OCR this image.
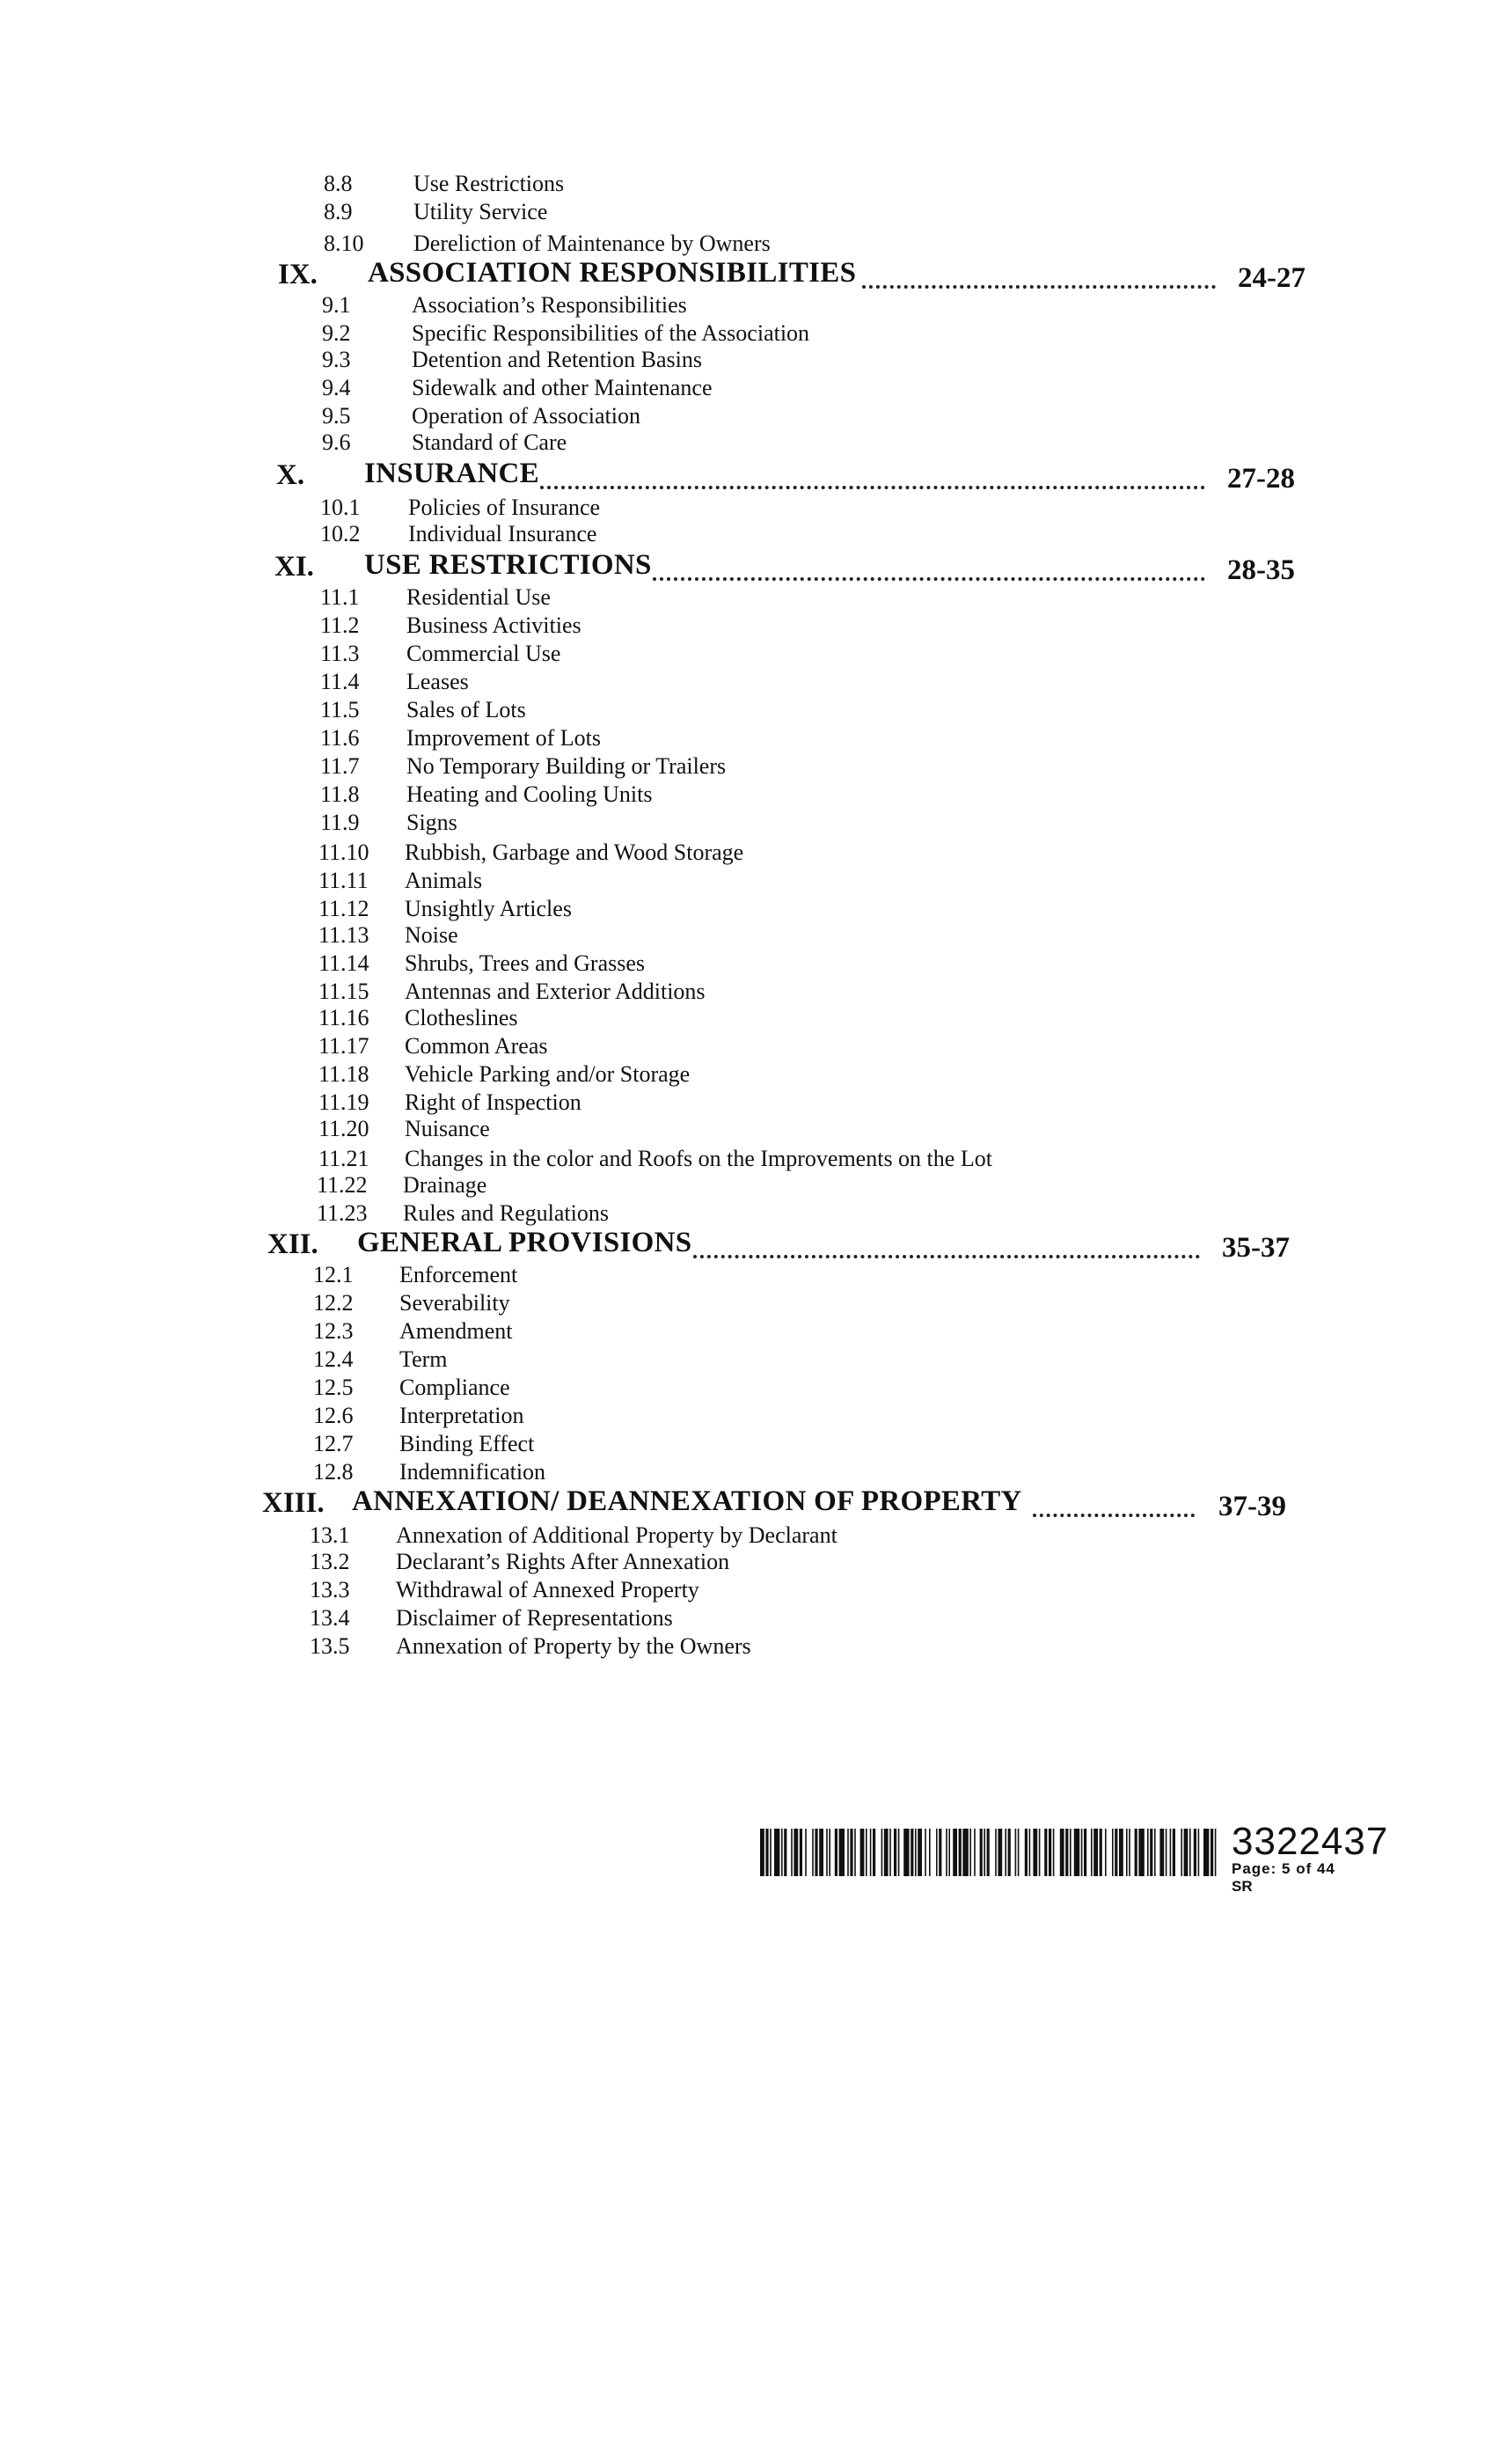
8.8	Use Restrictions
8.9	Utility Service
8.10 Dereliction of Maintenance by Owners
IX. ASSOCIATION RESPONSIBILITIES	24-27
9.1	Association’s Responsibilities
9.2	Specific Responsibilities of the Association
9.3	Detention and Retention Basins
9.4	Sidewalk and other Maintenance
9.5	Operation of Association
9.6	Standard of Care
X. INSURANCE	27-28
10.1 Policies of Insurance
10.2 Individual Insurance
XI. USE RESTRICTIONS	28-35
11.1 Residential Use
11.2 Business Activities
11.3 Commercial Use
11.4 Leases
11.5 Sales of Lots
11.6 Improvement of Lots
11.7 No Temporary Building or Trailers
11.8 Heating and Cooling Units
11.9 Signs
11.10 Rubbish, Garbage and Wood Storage
11.11 Animals
11.12 Unsightly Articles
11.13 Noise
11.14 Shrubs, Trees and Grasses
11.15 Antennas and Exterior Additions
11.16 Clotheslines
11.17 Common Areas
11.18 Vehicle Parking and/or Storage
11.19 Right of Inspection
11.20 Nuisance
11.21 Changes in the color and Roofs on the Improvements on the Lot
11.22 Drainage
11.23 Rules and Regulations
XII. GENERAL PROVISIONS	35-37
12.1 Enforcement
12.2 Severability
12.3 Amendment
12.4 Term
12.5 Compliance
12.6 Interpretation
12.7 Binding Effect
12.8 Indemnification
XIII. ANNEXATION/ DEANNEXATION OF PROPERTY	37-39
13.1 Annexation of Additional Property by Declarant
13.2 Declarant’s Rights After Annexation
13.3 Withdrawal of Annexed Property
13.4 Disclaimer of Representations
13.5 Annexation of Property by the Owners
3322437
Page: 5 of 44
SR
